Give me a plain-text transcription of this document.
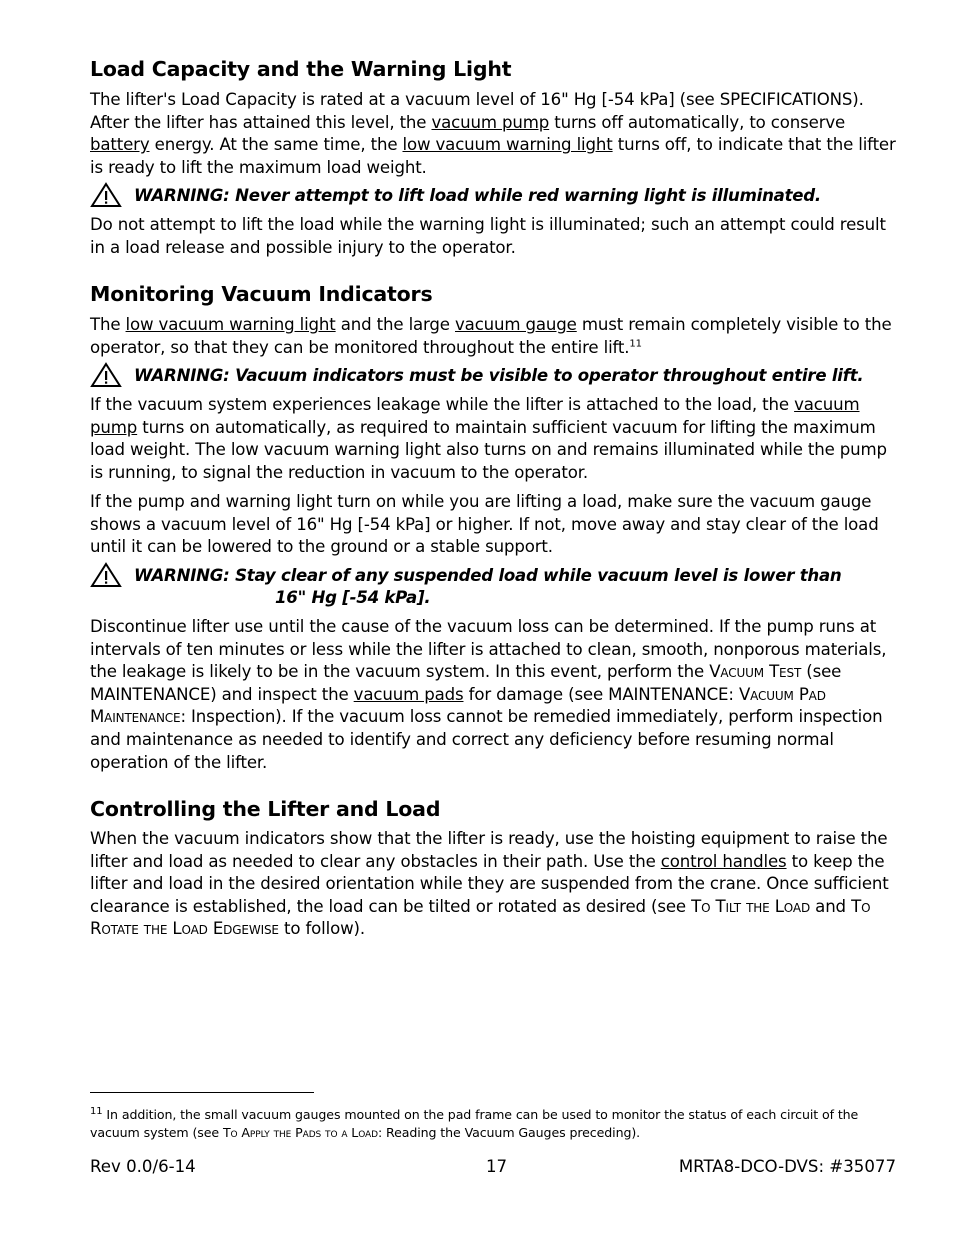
Load Capacity and the Warning Light

The lifter's Load Capacity is rated at a vacuum level of 16" Hg [-54 kPa] (see SPECIFICATIONS). After the lifter has attained this level, the vacuum pump turns off automatically, to conserve battery energy. At the same time, the low vacuum warning light turns off, to indicate that the lifter is ready to lift the maximum load weight.

WARNING: Never attempt to lift load while red warning light is illuminated.

Do not attempt to lift the load while the warning light is illuminated; such an attempt could result in a load release and possible injury to the operator.

Monitoring Vacuum Indicators

The low vacuum warning light and the large vacuum gauge must remain completely visible to the operator, so that they can be monitored throughout the entire lift.$^{11}$

WARNING: Vacuum indicators must be visible to operator throughout entire lift.

If the vacuum system experiences leakage while the lifter is attached to the load, the vacuum pump turns on automatically, as required to maintain sufficient vacuum for lifting the maximum load weight. The low vacuum warning light also turns on and remains illuminated while the pump is running, to signal the reduction in vacuum to the operator.

If the pump and warning light turn on while you are lifting a load, make sure the vacuum gauge shows a vacuum level of 16" Hg [-54 kPa] or higher. If not, move away and stay clear of the load until it can be lowered to the ground or a stable support.

WARNING: Stay clear of any suspended load while vacuum level is lower than
16" Hg [-54 kPa].

Discontinue lifter use until the cause of the vacuum loss can be determined. If the pump runs at intervals of ten minutes or less while the lifter is attached to clean, smooth, nonporous materials, the leakage is likely to be in the vacuum system. In this event, perform the Vacuum Test (see MAINTENANCE) and inspect the vacuum pads for damage (see MAINTENANCE: Vacuum Pad Maintenance: Inspection). If the vacuum loss cannot be remedied immediately, perform inspection and maintenance as needed to identify and correct any deficiency before resuming normal operation of the lifter.

Controlling the Lifter and Load

When the vacuum indicators show that the lifter is ready, use the hoisting equipment to raise the lifter and load as needed to clear any obstacles in their path. Use the control handles to keep the lifter and load in the desired orientation while they are suspended from the crane. Once sufficient clearance is established, the load can be tilted or rotated as desired (see To Tilt the Load and To Rotate the Load Edgewise to follow).

$^{11}$ In addition, the small vacuum gauges mounted on the pad frame can be used to monitor the status of each circuit of the vacuum system (see To Apply the Pads to a Load: Reading the Vacuum Gauges preceding).
Rev 0.0/6-14	17	MRTA8-DCO-DVS: #35077
